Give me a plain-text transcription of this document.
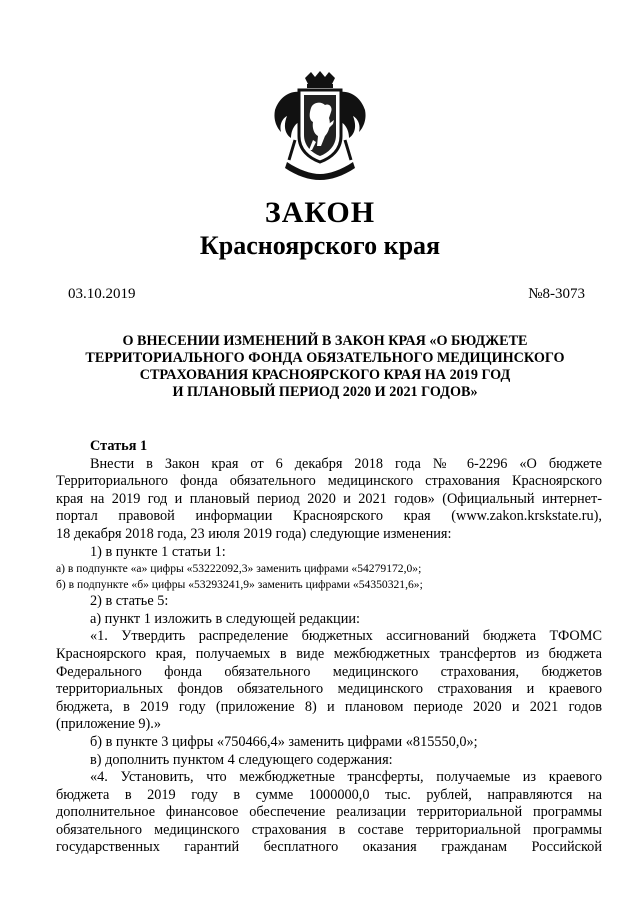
ЗАКОН
Красноярского края
03.10.2019	№8-3073
О ВНЕСЕНИИ ИЗМЕНЕНИЙ В ЗАКОН КРАЯ «О БЮДЖЕТЕ
ТЕРРИТОРИАЛЬНОГО ФОНДА ОБЯЗАТЕЛЬНОГО МЕДИЦИНСКОГО
СТРАХОВАНИЯ КРАСНОЯРСКОГО КРАЯ НА 2019 ГОД
И ПЛАНОВЫЙ ПЕРИОД 2020 И 2021 ГОДОВ»
Статья 1
Внести в Закон края от 6 декабря 2018 года № 6-2296 «О бюджете
Территориального фонда обязательного медицинского страхования Красноярского
края на 2019 год и плановый период 2020 и 2021 годов» (Официальный интернет-
портал правовой информации Красноярского края (www.zakon.krskstate.ru),
18 декабря 2018 года, 23 июля 2019 года) следующие изменения:
1) в пункте 1 статьи 1:
а) в подпункте «а» цифры «53222092,3» заменить цифрами «54279172,0»;
б) в подпункте «б» цифры «53293241,9» заменить цифрами «54350321,6»;
2) в статье 5:
а) пункт 1 изложить в следующей редакции:
«1. Утвердить распределение бюджетных ассигнований бюджета ТФОМС
Красноярского края, получаемых в виде межбюджетных трансфертов из бюджета
Федерального фонда обязательного медицинского страхования, бюджетов
территориальных фондов обязательного медицинского страхования и краевого
бюджета, в 2019 году (приложение 8) и плановом периоде 2020 и 2021 годов
(приложение 9).»
б) в пункте 3 цифры «750466,4» заменить цифрами «815550,0»;
в) дополнить пунктом 4 следующего содержания:
«4. Установить, что межбюджетные трансферты, получаемые из краевого
бюджета в 2019 году в сумме 1000000,0 тыс. рублей, направляются на
дополнительное финансовое обеспечение реализации территориальной программы
обязательного медицинского страхования в составе территориальной программы
государственных гарантий бесплатного оказания гражданам Российской
